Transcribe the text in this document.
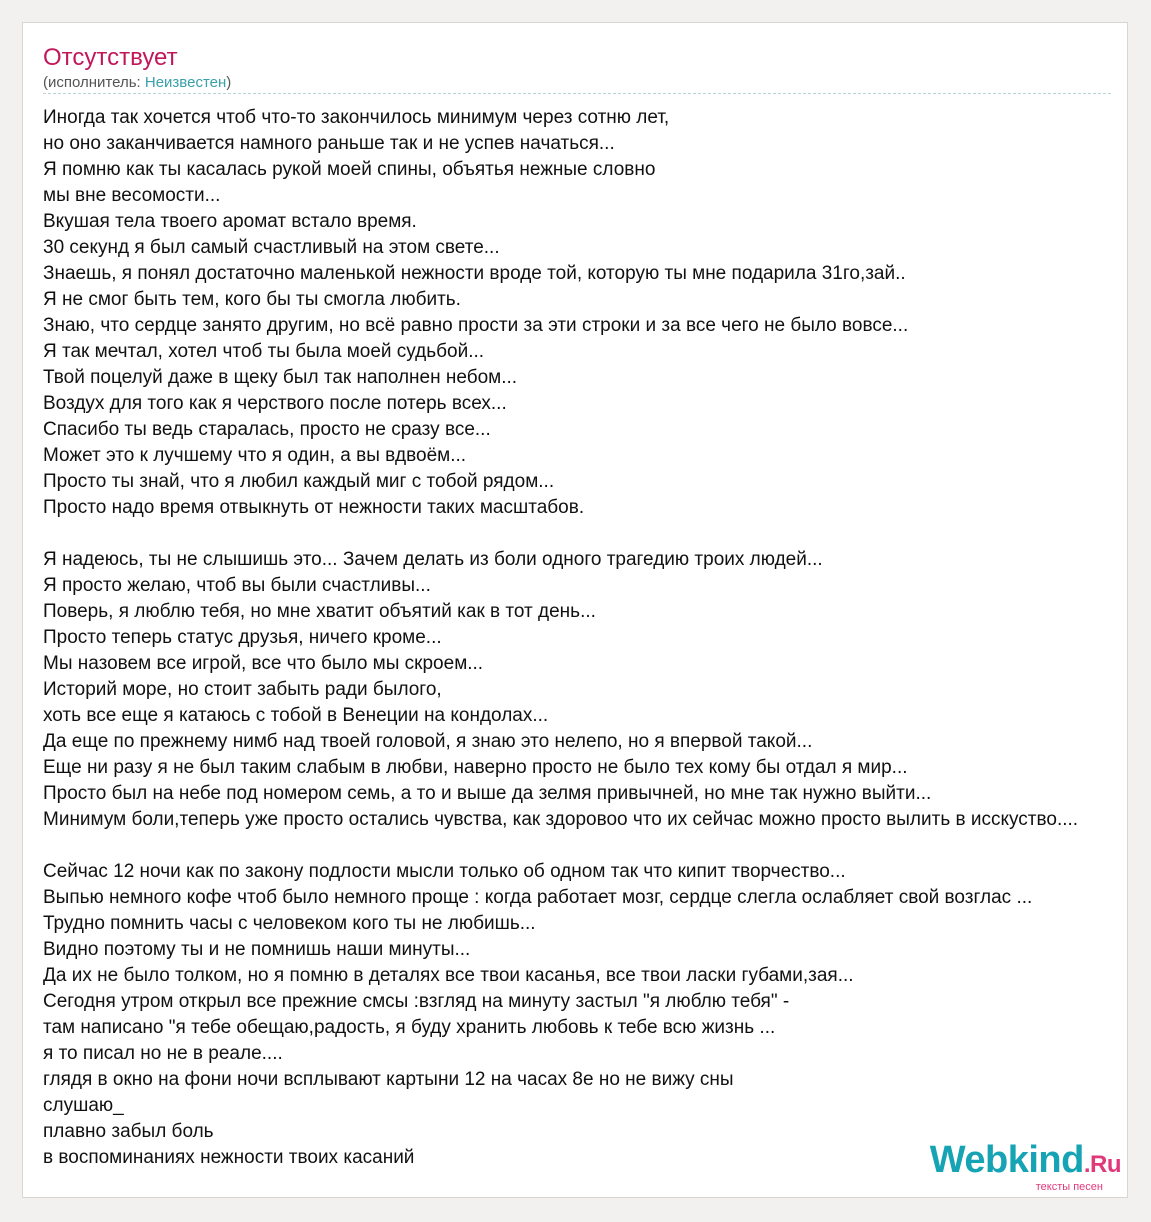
Отсутствует
(исполнитель: Неизвестен)
Иногда так хочется чтоб что-то закончилось минимум через сотню лет,
но оно заканчивается намного раньше так и не успев начаться...
Я помню как ты касалась рукой моей спины, объятья нежные словно
мы вне весомости...
Вкушая тела твоего аромат встало время.
30 секунд я был самый счастливый на этом свете...
Знаешь, я понял достаточно маленькой нежности вроде той, которую ты мне подарила 31го,зай..
Я не смог быть тем, кого бы ты смогла любить.
Знаю, что сердце занято другим, но всё равно прости за эти строки и за все чего не было вовсе...
Я так мечтал, хотел чтоб ты была моей судьбой...
Твой поцелуй даже в щеку был так наполнен небом...
Воздух для того как я черствого после потерь всех...
Спасибо ты ведь старалась, просто не сразу все...
Может это к лучшему что я один, а вы вдвоём...
Просто ты знай, что я любил каждый миг с тобой рядом...
Просто надо время отвыкнуть от нежности таких масштабов.
Я надеюсь, ты не слышишь это... Зачем делать из боли одного трагедию троих людей...
Я просто желаю, чтоб вы были счастливы...
Поверь, я люблю тебя, но мне хватит объятий как в тот день...
Просто теперь статус друзья, ничего кроме...
Мы назовем все игрой, все что было мы скроем...
Историй море, но стоит забыть ради былого,
хоть все еще я катаюсь с тобой в Венеции на кондолах...
Да еще по прежнему нимб над твоей головой, я знаю это нелепо, но я впервой такой...
Еще ни разу я не был таким слабым в любви, наверно просто не было тех кому бы отдал я мир...
Просто был на небе под номером семь, а то и выше да зелмя привычней, но мне так нужно выйти...
Минимум боли,теперь уже просто остались чувства, как здоровоо что их сейчас можно просто вылить в исскуство....
Сейчас 12 ночи как по закону подлости мысли только об одном так что кипит творчество...
Выпью немного кофе чтоб было немного проще : когда работает мозг, сердце слегла ослабляет свой возглас ...
Трудно помнить часы с человеком кого ты не любишь...
Видно поэтому ты и не помнишь наши минуты...
Да их не было толком, но я помню в деталях все твои касанья, все твои ласки губами,зая...
Сегодня утром открыл все прежние смсы :взгляд на минуту застыл "я люблю тебя" -
там написано "я тебе обещаю,радость, я буду хранить любовь к тебе всю жизнь ...
я то писал но не в реале....
глядя в окно на фони ночи всплывают картыни 12 на часах 8е но не вижу сны
слушаю_
плавно забыл боль
в воспоминаниях нежности твоих касаний	Webkind.Ru
тексты песен
